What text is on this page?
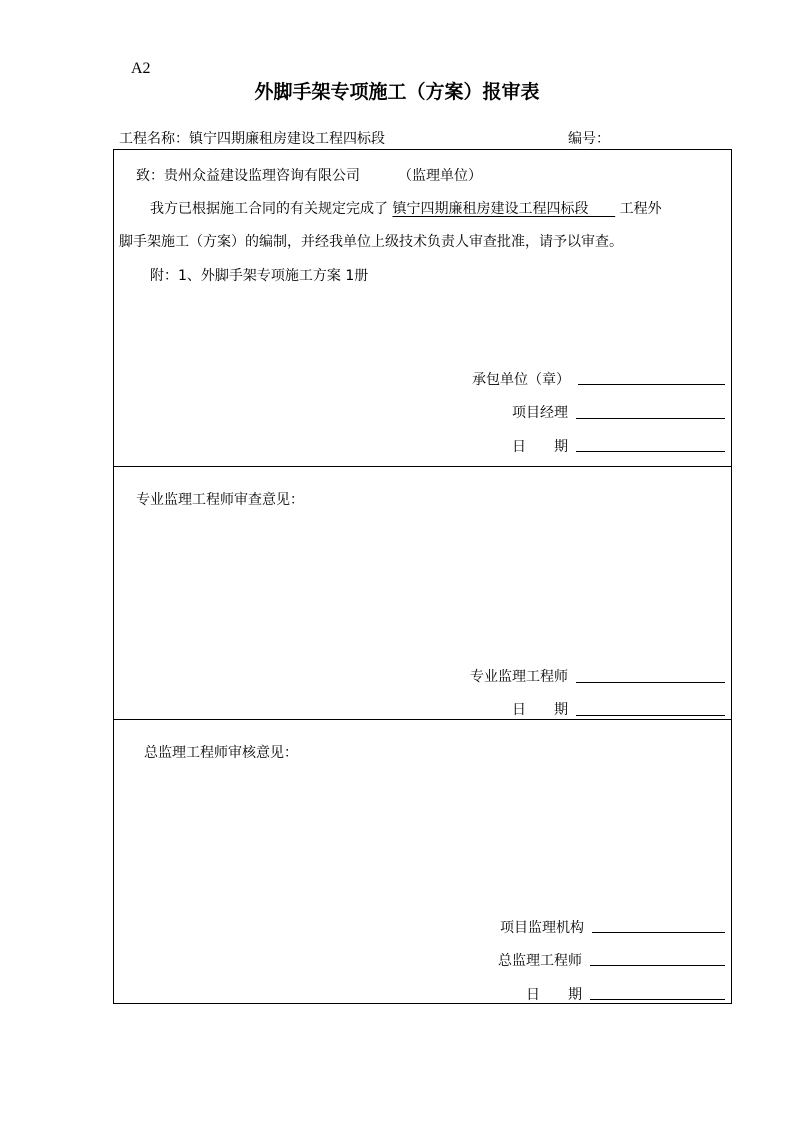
A2
外脚手架专项施工（方案）报审表
工程名称：镇宁四期廉租房建设工程四标段	编号：
致：贵州众益建设监理咨询有限公司	（监理单位）
我方已根据施工合同的有关规定完成了 镇宁四期廉租房建设工程四标段 工程外
脚手架施工（方案）的编制，并经我单位上级技术负责人审查批准，请予以审查。
附：1、外脚手架专项施工方案 1册
承包单位（章）
项目经理
日　　期
专业监理工程师审查意见：
专业监理工程师
日　　期
总监理工程师审核意见：
项目监理机构
总监理工程师
日　　期
